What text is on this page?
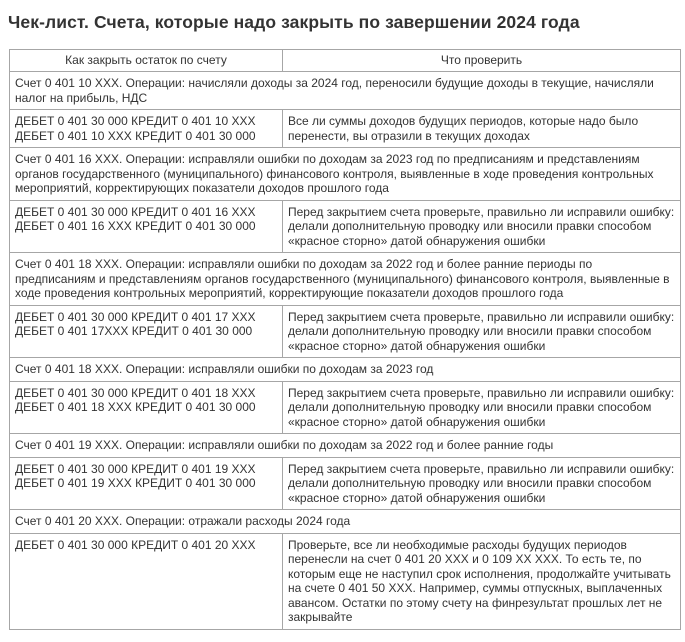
Чек-лист. Счета, которые надо закрыть по завершении 2024 года
Как закрыть остаток по счету	Что проверить
Счет 0 401 10 ХХХ. Операции: начисляли доходы за 2024 год, переносили будущие доходы в текущие, начисляли налог на прибыль, НДС	

ДЕБЕТ 0 401 30 000 КРЕДИТ 0 401 10 ХХХ
ДЕБЕТ 0 401 10 ХХХ КРЕДИТ 0 401 30 000	Все ли суммы доходов будущих периодов, которые надо было перенести, вы отразили в текущих доходах
Счет 0 401 16 ХХХ. Операции: исправляли ошибки по доходам за 2023 год по предписаниям и представлениям органов государственного (муниципального) финансового контроля, выявленные в ходе проведения контрольных мероприятий, корректирующих показатели доходов прошлого года	

ДЕБЕТ 0 401 30 000 КРЕДИТ 0 401 16 ХХХ
ДЕБЕТ 0 401 16 ХХХ КРЕДИТ 0 401 30 000	Перед закрытием счета проверьте, правильно ли исправили ошибку: делали дополнительную проводку или вносили правки способом «красное сторно» датой обнаружения ошибки
Счет 0 401 18 ХХХ. Операции: исправляли ошибки по доходам за 2022 год и более ранние периоды по предписаниям и представлениям органов государственного (муниципального) финансового контроля, выявленные в ходе проведения контрольных мероприятий, корректирующие показатели доходов прошлого года	

ДЕБЕТ 0 401 30 000 КРЕДИТ 0 401 17 ХХХ
ДЕБЕТ 0 401 17ХХХ КРЕДИТ 0 401 30 000	Перед закрытием счета проверьте, правильно ли исправили ошибку: делали дополнительную проводку или вносили правки способом «красное сторно» датой обнаружения ошибки
Счет 0 401 18 ХХХ. Операции: исправляли ошибки по доходам за 2023 год	

ДЕБЕТ 0 401 30 000 КРЕДИТ 0 401 18 ХХХ
ДЕБЕТ 0 401 18 ХХХ КРЕДИТ 0 401 30 000	Перед закрытием счета проверьте, правильно ли исправили ошибку: делали дополнительную проводку или вносили правки способом «красное сторно» датой обнаружения ошибки
Счет 0 401 19 ХХХ. Операции: исправляли ошибки по доходам за 2022 год и более ранние годы	

ДЕБЕТ 0 401 30 000 КРЕДИТ 0 401 19 ХХХ
ДЕБЕТ 0 401 19 ХХХ КРЕДИТ 0 401 30 000	Перед закрытием счета проверьте, правильно ли исправили ошибку: делали дополнительную проводку или вносили правки способом «красное сторно» датой обнаружения ошибки
Счет 0 401 20 ХХХ. Операции: отражали расходы 2024 года	

ДЕБЕТ 0 401 30 000 КРЕДИТ 0 401 20 ХХХ	Проверьте, все ли необходимые расходы будущих периодов перенесли на счет 0 401 20 ХХХ и 0 109 ХХ ХХХ. То есть те, по которым еще не наступил срок исполнения, продолжайте учитывать на счете 0 401 50 ХХХ. Например, суммы отпускных, выплаченных авансом. Остатки по этому счету на финрезультат прошлых лет не закрывайте
